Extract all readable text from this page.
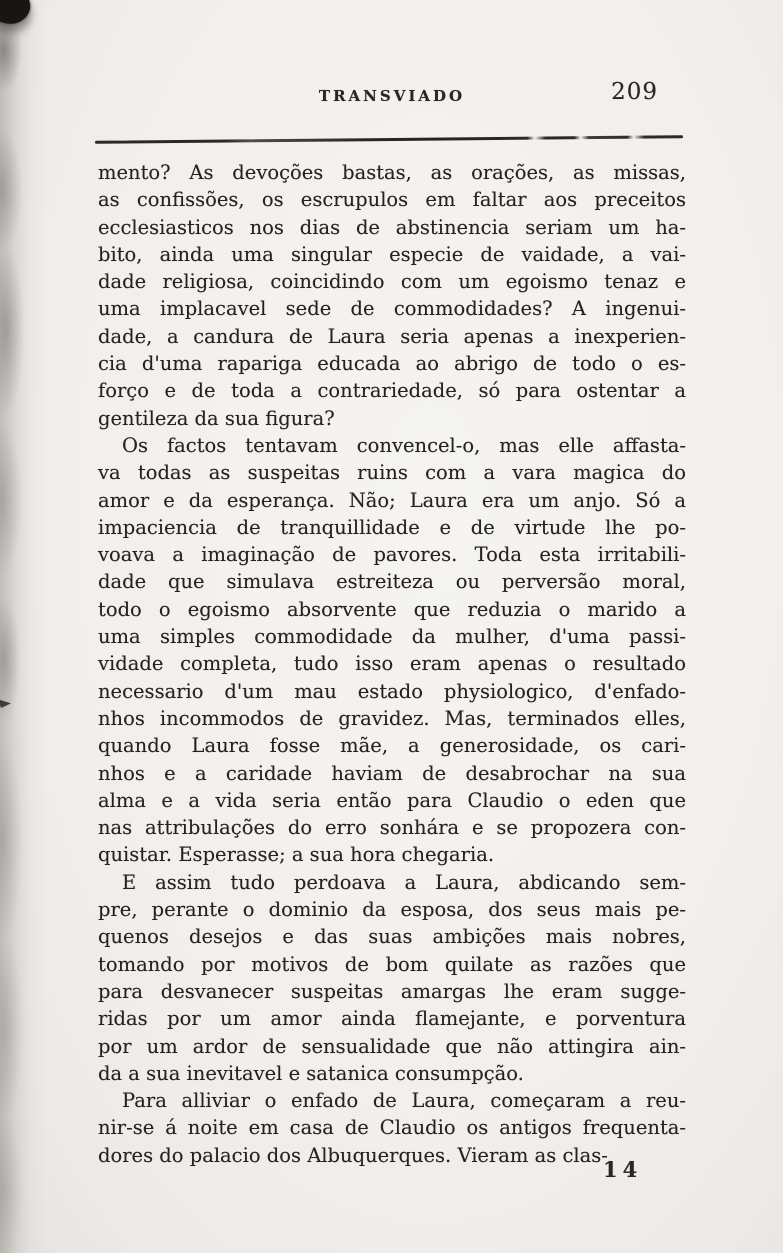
TRANSVIADO	209
mento? As devoções bastas, as orações, as missas,
as confissões, os escrupulos em faltar aos preceitos
ecclesiasticos nos dias de abstinencia seriam um ha-
bito, ainda uma singular especie de vaidade, a vai-
dade religiosa, coincidindo com um egoismo tenaz e
uma implacavel sede de commodidades? A ingenui-
dade, a candura de Laura seria apenas a inexperien-
cia d'uma rapariga educada ao abrigo de todo o es-
forço e de toda a contrariedade, só para ostentar a
gentileza da sua figura?
Os factos tentavam convencel-o, mas elle affasta-
va todas as suspeitas ruins com a vara magica do
amor e da esperança. Não; Laura era um anjo. Só a
impaciencia de tranquillidade e de virtude lhe po-
voava a imaginação de pavores. Toda esta irritabili-
dade que simulava estreiteza ou perversão moral,
todo o egoismo absorvente que reduzia o marido a
uma simples commodidade da mulher, d'uma passi-
vidade completa, tudo isso eram apenas o resultado
necessario d'um mau estado physiologico, d'enfado-
nhos incommodos de gravidez. Mas, terminados elles,
quando Laura fosse mãe, a generosidade, os cari-
nhos e a caridade haviam de desabrochar na sua
alma e a vida seria então para Claudio o eden que
nas attribulações do erro sonhára e se propozera con-
quistar. Esperasse; a sua hora chegaria.
E assim tudo perdoava a Laura, abdicando sem-
pre, perante o dominio da esposa, dos seus mais pe-
quenos desejos e das suas ambições mais nobres,
tomando por motivos de bom quilate as razões que
para desvanecer suspeitas amargas lhe eram sugge-
ridas por um amor ainda flamejante, e porventura
por um ardor de sensualidade que não attingira ain-
da a sua inevitavel e satanica consumpção.
Para alliviar o enfado de Laura, começaram a reu-
nir-se á noite em casa de Claudio os antigos frequenta-
dores do palacio dos Albuquerques. Vieram as clas-
14
